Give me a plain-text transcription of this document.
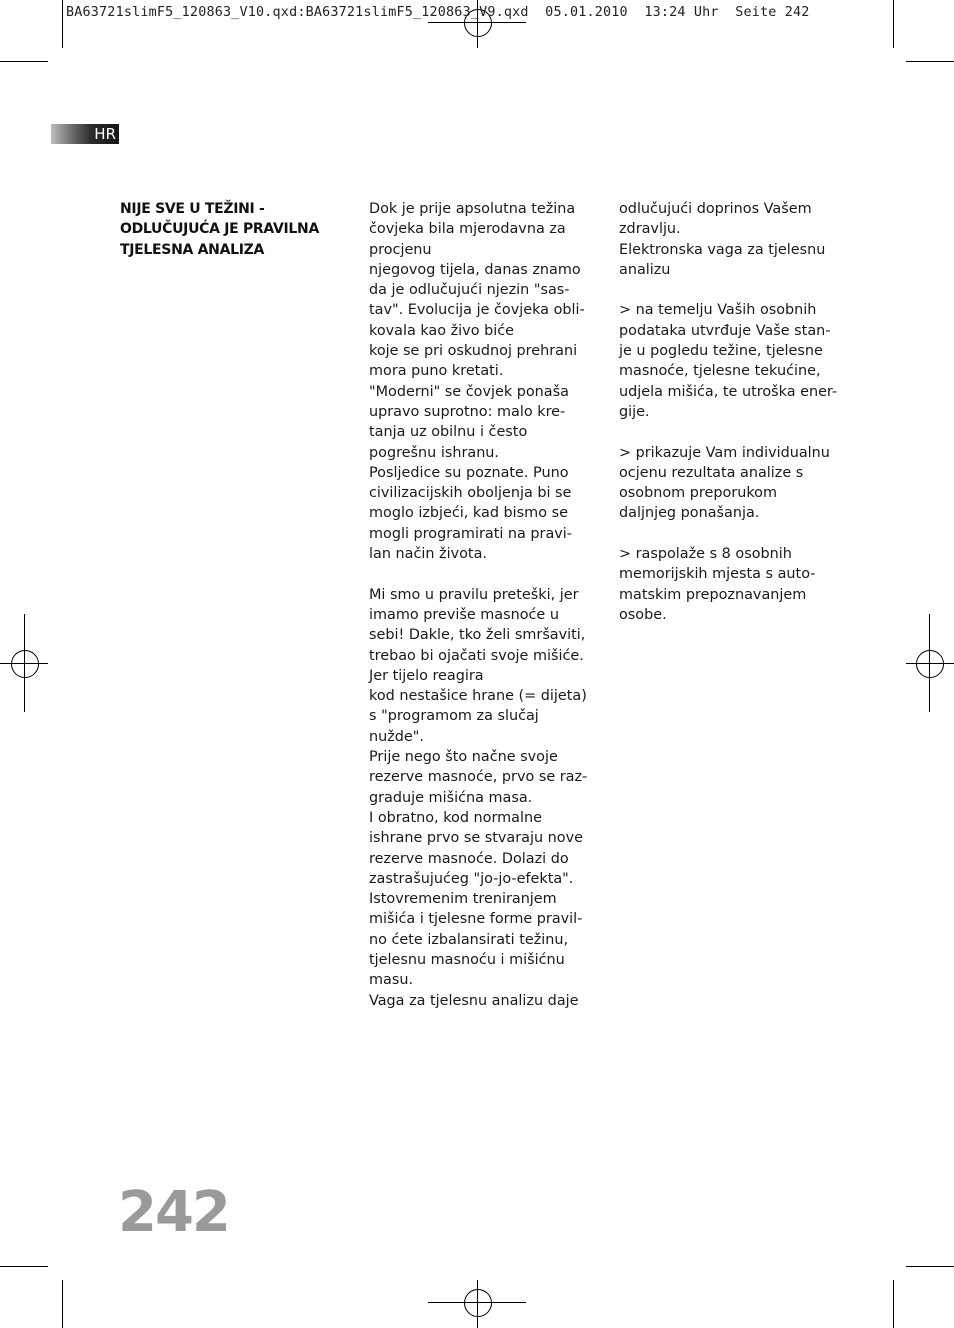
BA63721slimF5_120863_V10.qxd:BA63721slimF5_120863_V9.qxd  05.01.2010  13:24 Uhr  Seite 242
HR
NIJE SVE U TEŽINI -
ODLUČUJUĆA JE PRAVILNA
TJELESNA ANALIZA
Dok je prije apsolutna težina
čovjeka bila mjerodavna za
procjenu
njegovog tijela, danas znamo
da je odlučujući njezin "sas-
tav". Evolucija je čovjeka obli-
kovala kao živo biće
koje se pri oskudnoj prehrani
mora puno kretati.
"Moderni" se čovjek ponaša
upravo suprotno: malo kre-
tanja uz obilnu i često
pogrešnu ishranu.
Posljedice su poznate. Puno
civilizacijskih oboljenja bi se
moglo izbjeći, kad bismo se
mogli programirati na pravi-
lan način života.
Mi smo u pravilu preteški, jer
imamo previše masnoće u
sebi! Dakle, tko želi smršaviti,
trebao bi ojačati svoje mišiće.
Jer tijelo reagira
kod nestašice hrane (= dijeta)
s "programom za slučaj
nužde".
Prije nego što načne svoje
rezerve masnoće, prvo se raz-
graduje mišićna masa.
I obratno, kod normalne
ishrane prvo se stvaraju nove
rezerve masnoće. Dolazi do
zastrašujućeg "jo-jo-efekta".
Istovremenim treniranjem
mišića i tjelesne forme pravil-
no ćete izbalansirati težinu,
tjelesnu masnoću i mišićnu
masu.
Vaga za tjelesnu analizu daje
odlučujući doprinos Vašem
zdravlju.
Elektronska vaga za tjelesnu
analizu
> na temelju Vaših osobnih
podataka utvrđuje Vaše stan-
je u pogledu težine, tjelesne
masnoće, tjelesne tekućine,
udjela mišića, te utroška ener-
gije.
> prikazuje Vam individualnu
ocjenu rezultata analize s
osobnom preporukom
daljnjeg ponašanja.
> raspolaže s 8 osobnih
memorijskih mjesta s auto-
matskim prepoznavanjem
osobe.
242
